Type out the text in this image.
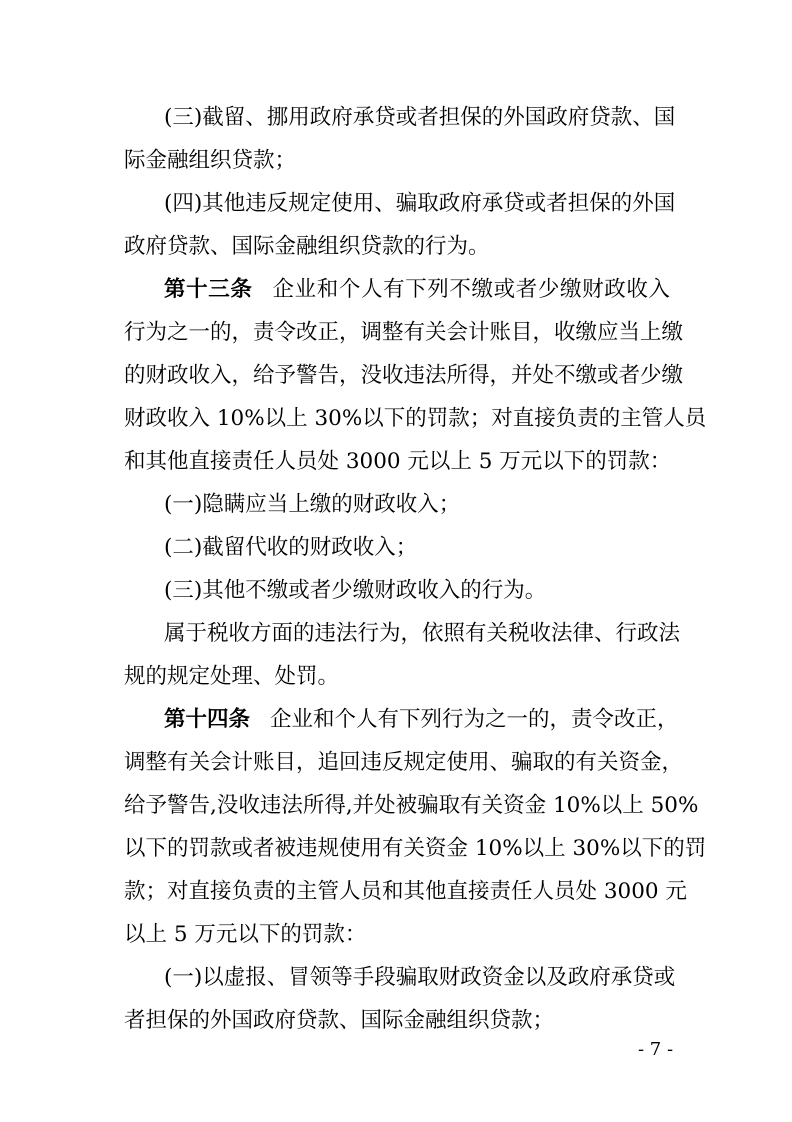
(三)截留、挪用政府承贷或者担保的外国政府贷款、国
际金融组织贷款；
(四)其他违反规定使用、骗取政府承贷或者担保的外国
政府贷款、国际金融组织贷款的行为。
第十三条 企业和个人有下列不缴或者少缴财政收入
行为之一的，责令改正，调整有关会计账目，收缴应当上缴
的财政收入，给予警告，没收违法所得，并处不缴或者少缴
财政收入 10%以上 30%以下的罚款；对直接负责的主管人员
和其他直接责任人员处 3000 元以上 5 万元以下的罚款：
(一)隐瞒应当上缴的财政收入；
(二)截留代收的财政收入；
(三)其他不缴或者少缴财政收入的行为。
属于税收方面的违法行为，依照有关税收法律、行政法
规的规定处理、处罚。
第十四条 企业和个人有下列行为之一的，责令改正，
调整有关会计账目，追回违反规定使用、骗取的有关资金，
给予警告,没收违法所得,并处被骗取有关资金 10%以上 50%
以下的罚款或者被违规使用有关资金 10%以上 30%以下的罚
款；对直接负责的主管人员和其他直接责任人员处 3000 元
以上 5 万元以下的罚款：
(一)以虚报、冒领等手段骗取财政资金以及政府承贷或
者担保的外国政府贷款、国际金融组织贷款；
- 7 -
